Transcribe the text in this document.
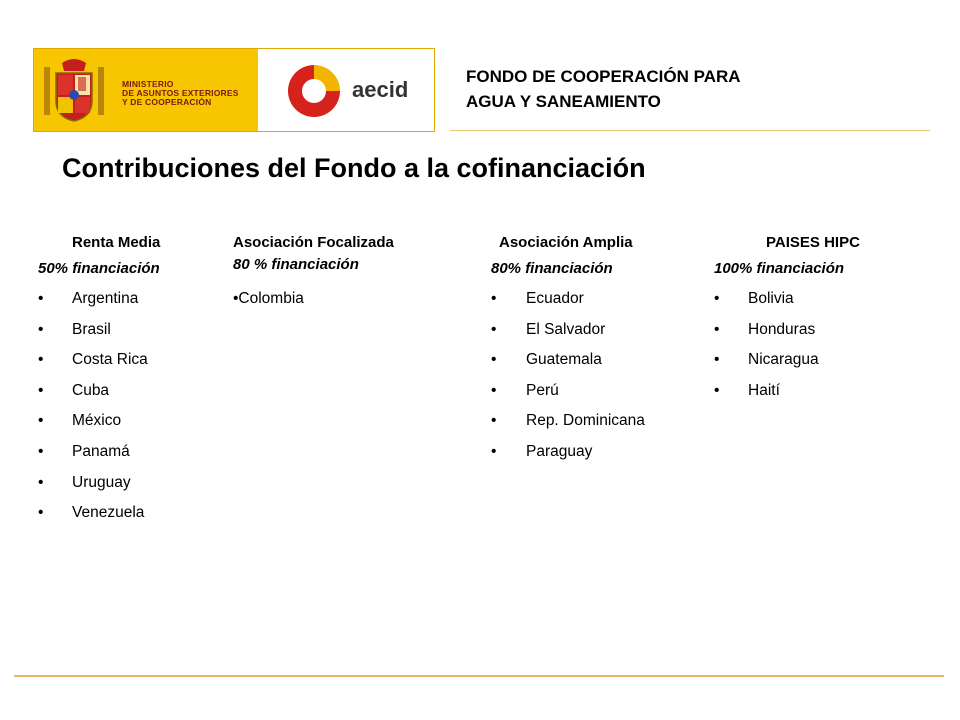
MINISTERIO
DE ASUNTOS EXTERIORES
Y DE COOPERACIÓN	aecid
FONDO DE COOPERACIÓN PARA
AGUA Y SANEAMIENTO
Contribuciones del Fondo a la cofinanciación
Renta Media
50% financiación
• Argentina
• Brasil
• Costa Rica
• Cuba
• México
• Panamá
• Uruguay
• Venezuela
Asociación Focalizada
80 % financiación
•Colombia
Asociación Amplia
80% financiación
• Ecuador
• El Salvador
• Guatemala
• Perú
• Rep. Dominicana
• Paraguay
PAISES HIPC
100% financiación
• Bolivia
• Honduras
• Nicaragua
• Haití
